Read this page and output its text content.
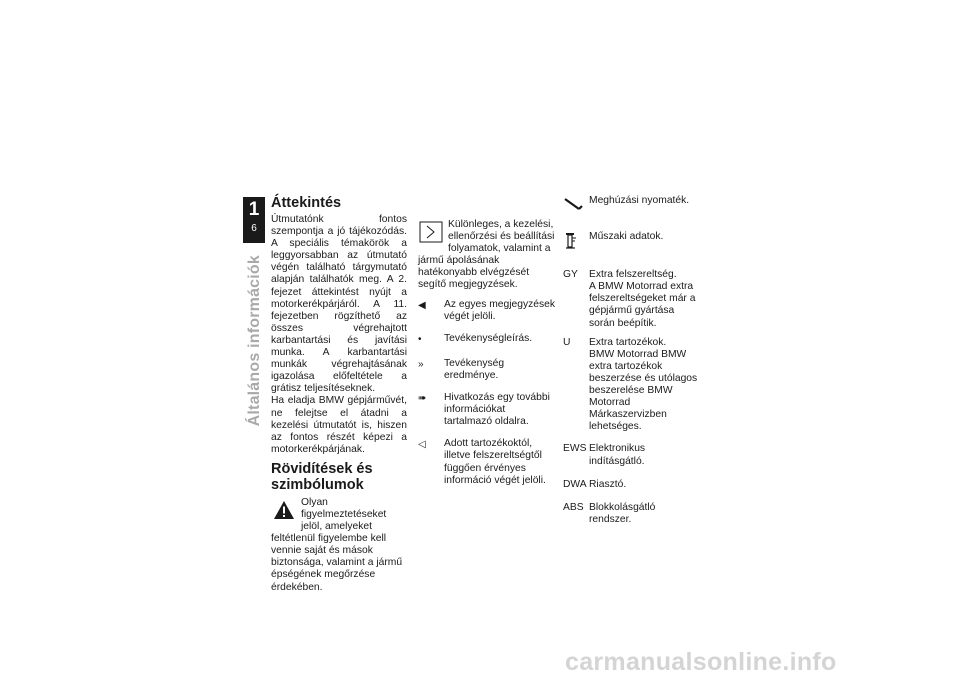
1
6
Általános információk
Áttekintés

Útmutatónk fontos szempontja a jó tájékozódás. A speciális témakörök a leggyorsabban az útmutató végén található tárgymutató alapján találhatók meg. A 2. fejezet áttekintést nyújt a motorkerékpárjáról. A 11. fejezetben rögzíthető az összes végrehajtott karbantartási és javítási munka. A karbantartási munkák végrehajtásának igazolása előfeltétele a grátisz teljesítéseknek.

Ha eladja BMW gépjárművét, ne felejtse el átadni a kezelési útmutatót is, hiszen az fontos részét képezi a motorkerékpárjának.

Rövidítések és szimbólumok

Olyan figyelmeztetéseket jelöl, amelyeket feltétlenül figyelembe kell vennie saját és mások biztonsága, valamint a jármű épségének megőrzése érdekében.

Különleges, a kezelési, ellenőrzési és beállítási folyamatok, valamint a jármű ápolásának hatékonyabb elvégzését segítő megjegyzések.

◀	Az egyes megjegyzések végét jelöli.
•	Tevékenységleírás.
»	Tevékenység eredménye.
➠	Hivatkozás egy további információkat tartalmazó oldalra.
◁	Adott tartozékoktól, illetve felszereltségtől függően érvényes információ végét jelöli.
Meghúzási nyomaték.
Műszaki adatok.
GY	Extra felszereltség.
A BMW Motorrad extra felszereltségeket már a gépjármű gyártása során beépítik.
U	Extra tartozékok.
BMW Motorrad BMW extra tartozékok beszerzése és utólagos beszerelése BMW Motorrad Márkaszervizben lehetséges.
EWS Elektronikus indításgátló.
DWA Riasztó.
ABS Blokkolásgátló rendszer.
carmanualsonline.info
